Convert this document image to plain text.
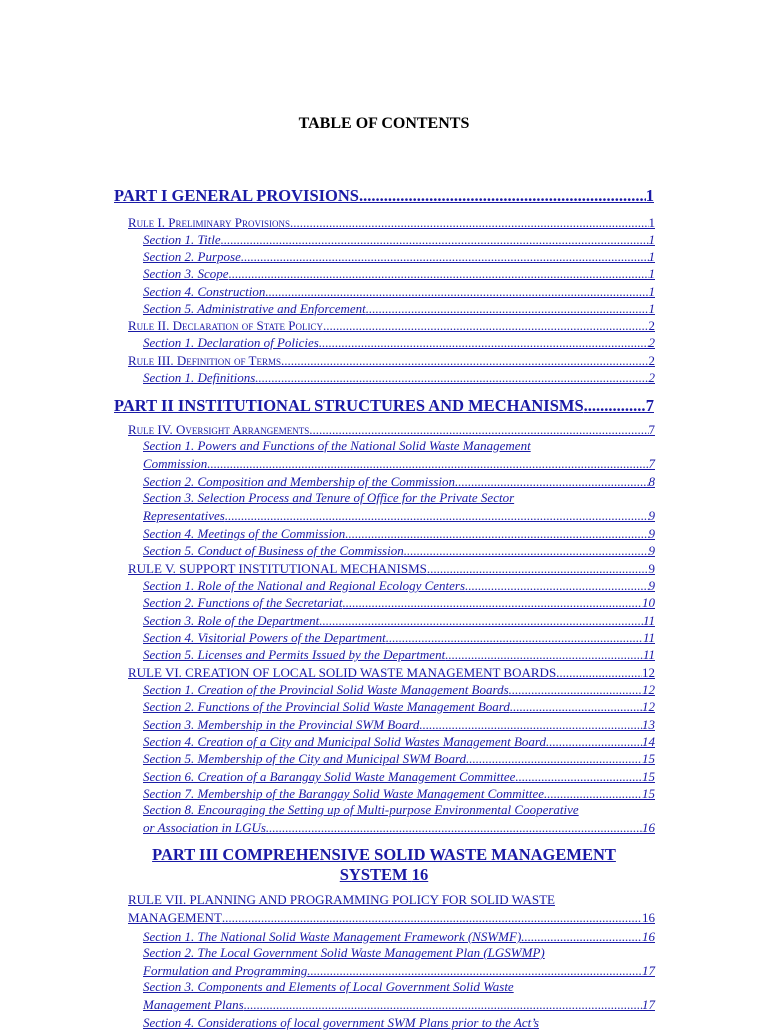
TABLE OF CONTENTS
PART I GENERAL PROVISIONS .....	1
Rule I. Preliminary Provisions .....	1
Section 1. Title .....	1
Section 2. Purpose .....	1
Section 3. Scope .....	1
Section 4. Construction .....	1
Section 5. Administrative and Enforcement .....	1
Rule II. Declaration of State Policy .....	2
Section 1. Declaration of Policies .....	2
Rule III. Definition of Terms .....	2
Section 1. Definitions .....	2
PART II INSTITUTIONAL STRUCTURES AND MECHANISMS .....	7
Rule IV. Oversight Arrangements .....	7
Section 1. Powers and Functions of the National Solid Waste Management
Commission .....	7
Section 2. Composition and Membership of the Commission .....	8
Section 3. Selection Process and Tenure of Office for the Private Sector
Representatives .....	9
Section 4. Meetings of the Commission .....	9
Section 5. Conduct of Business of the Commission .....	9
RULE V. SUPPORT INSTITUTIONAL MECHANISMS .....	9
Section 1. Role of the National and Regional Ecology Centers .....	9
Section 2. Functions of the Secretariat .....	10
Section 3. Role of the Department .....	11
Section 4. Visitorial Powers of the Department .....	11
Section 5. Licenses and Permits Issued by the Department .....	11
RULE VI. CREATION OF LOCAL SOLID WASTE MANAGEMENT BOARDS .....	12
Section 1. Creation of the Provincial Solid Waste Management Boards .....	12
Section 2. Functions of the Provincial Solid Waste Management Board .....	12
Section 3. Membership in the Provincial SWM Board .....	13
Section 4. Creation of a City and Municipal Solid Wastes Management Board .....	14
Section 5. Membership of the City and Municipal SWM Board .....	15
Section 6. Creation of a Barangay Solid Waste Management Committee .....	15
Section 7. Membership of the Barangay Solid Waste Management Committee .....	15
Section 8. Encouraging the Setting up of Multi-purpose Environmental Cooperative
or Association in LGUs .....	16
RULE VII. PLANNING AND PROGRAMMING POLICY FOR SOLID WASTE
MANAGEMENT .....	16
Section 1. The National Solid Waste Management Framework (NSWMF) .....	16
Section 2. The Local Government Solid Waste Management Plan (LGSWMP)
Formulation and Programming .....	17
Section 3. Components and Elements of Local Government Solid Waste
Management Plans .....	17
Section 4. Considerations of local government SWM Plans prior to the Act’s
PART III COMPREHENSIVE SOLID WASTE MANAGEMENT
SYSTEM 16
